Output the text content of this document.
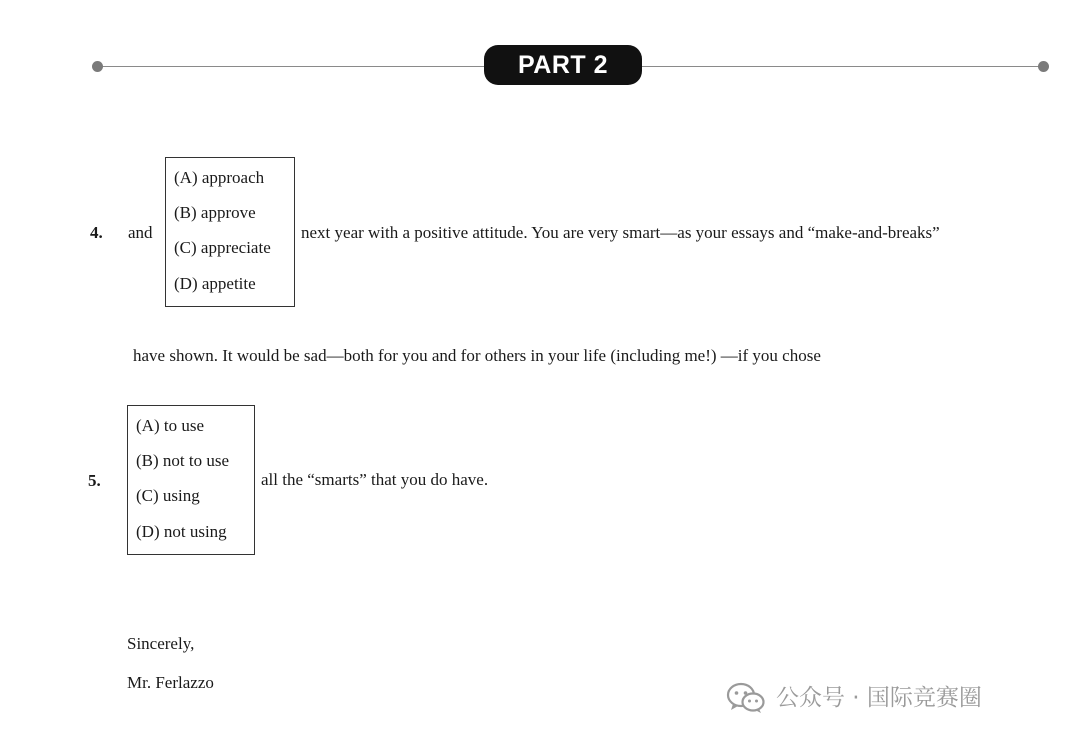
PART 2
4. and
(A) approach
(B) approve
(C) appreciate
(D) appetite
next year with a positive attitude. You are very smart—as your essays and “make-and-breaks”
have shown. It would be sad—both for you and for others in your life (including me!) —if you chose
5.
(A) to use
(B) not to use
(C) using
(D) not using
all the “smarts” that you do have.
Sincerely,
Mr. Ferlazzo
公众号 · 国际竞赛圈
